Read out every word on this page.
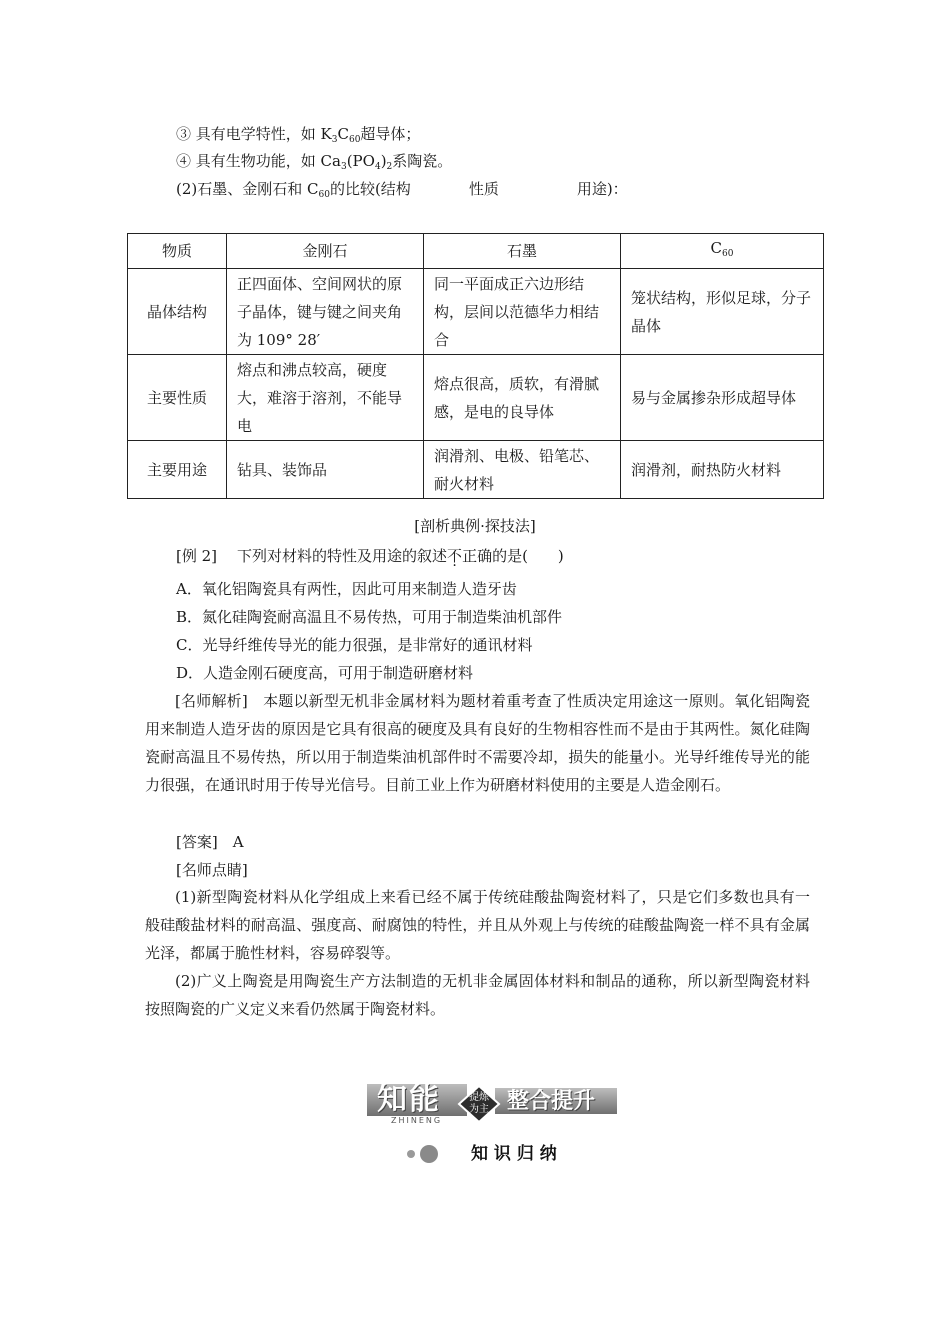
③ 具有电学特性，如 $K_3C_{60}$超导体；
④ 具有生物功能，如 $Ca_3(PO_4)_2$系陶瓷。
(2)石墨、金刚石和 $C_{60}$的比较(结构	性质	用途)：
物质	金刚石	石墨	$C_{60}$
晶体结构	正四面体、空间网状的原子晶体，键与键之间夹角为 109° 28′	同一平面成正六边形结构，层间以范德华力相结合	笼状结构，形似足球，分子晶体
主要性质	熔点和沸点较高，硬度大，难溶于溶剂，不能导电	熔点很高，质软，有滑腻感，是电的良导体	易与金属掺杂形成超导体
主要用途	钻具、装饰品	润滑剂、电极、铅笔芯、耐火材料	润滑剂，耐热防火材料
[剖析典例·探技法]
[例 2] 下列对材料的特性及用途的叙述不正确的是(　　)
A．氧化铝陶瓷具有两性，因此可用来制造人造牙齿
B．氮化硅陶瓷耐高温且不易传热，可用于制造柴油机部件
C．光导纤维传导光的能力很强，是非常好的通讯材料
D．人造金刚石硬度高，可用于制造研磨材料
[名师解析]　本题以新型无机非金属材料为题材着重考查了性质决定用途这一原则。氧化铝陶瓷用来制造人造牙齿的原因是它具有很高的硬度及具有良好的生物相容性而不是由于其两性。氮化硅陶瓷耐高温且不易传热，所以用于制造柴油机部件时不需要冷却，损失的能量小。光导纤维传导光的能力很强，在通讯时用于传导光信号。目前工业上作为研磨材料使用的主要是人造金刚石。
[答案]　A
[名师点睛]
(1)新型陶瓷材料从化学组成上来看已经不属于传统硅酸盐陶瓷材料了，只是它们多数也具有一般硅酸盐材料的耐高温、强度高、耐腐蚀的特性，并且从外观上与传统的硅酸盐陶瓷一样不具有金属光泽，都属于脆性材料，容易碎裂等。
(2)广义上陶瓷是用陶瓷生产方法制造的无机非金属固体材料和制品的通称，所以新型陶瓷材料按照陶瓷的广义定义来看仍然属于陶瓷材料。
知能
ZHINENG
提炼
为主 整合提升
知 识 归 纳
